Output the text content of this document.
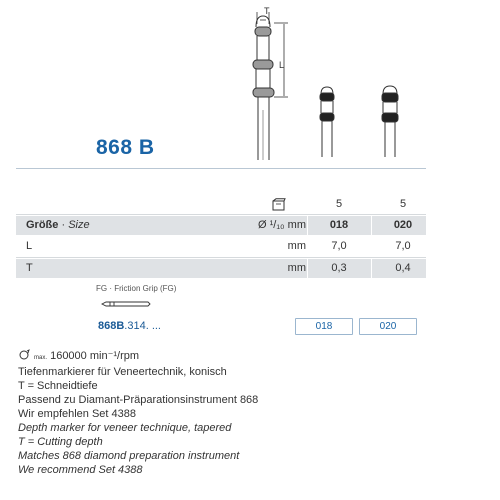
T
L
868 B
5	5
Größe · Size	Ø ¹/₁₀ mm	018	020
L	mm	7,0	7,0
T	mm	0,3	0,4
FG · Friction Grip (FG)
868B.314. ...	018	020
max. 160000 min⁻¹/rpm
Tiefenmarkierer für Veneertechnik, konisch
T = Schneidtiefe
Passend zu Diamant-Präparationsinstrument 868
Wir empfehlen Set 4388
Depth marker for veneer technique, tapered
T = Cutting depth
Matches 868 diamond preparation instrument
We recommend Set 4388
